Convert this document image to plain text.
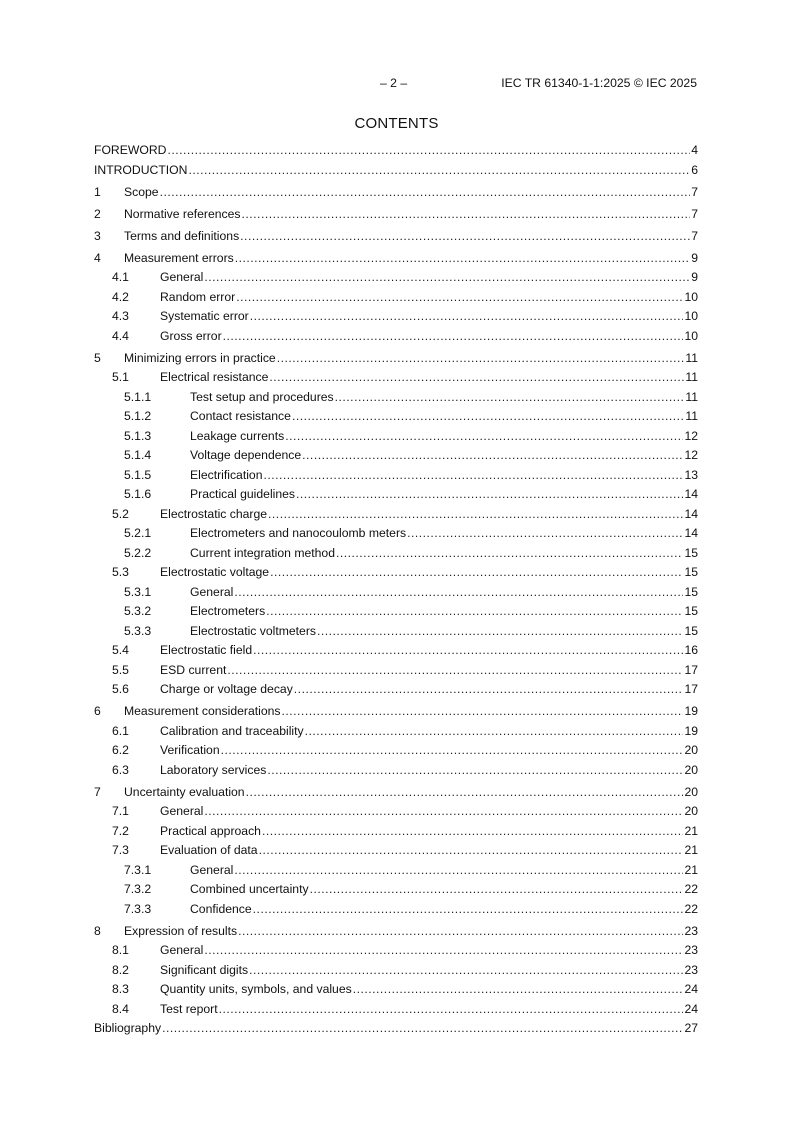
– 2 –	IEC TR 61340-1-1:2025 © IEC 2025
CONTENTS
FOREWORD .....	4
INTRODUCTION .....	6
1	Scope .....	7
2	Normative references .....	7
3	Terms and definitions .....	7
4	Measurement errors .....	9
4.1	General .....	9
4.2	Random error .....	10
4.3	Systematic error .....	10
4.4	Gross error .....	10
5	Minimizing errors in practice .....	11
5.1	Electrical resistance .....	11
5.1.1	Test setup and procedures .....	11
5.1.2	Contact resistance .....	11
5.1.3	Leakage currents .....	12
5.1.4	Voltage dependence .....	12
5.1.5	Electrification .....	13
5.1.6	Practical guidelines .....	14
5.2	Electrostatic charge .....	14
5.2.1	Electrometers and nanocoulomb meters .....	14
5.2.2	Current integration method .....	15
5.3	Electrostatic voltage .....	15
5.3.1	General .....	15
5.3.2	Electrometers .....	15
5.3.3	Electrostatic voltmeters .....	15
5.4	Electrostatic field .....	16
5.5	ESD current .....	17
5.6	Charge or voltage decay .....	17
6	Measurement considerations .....	19
6.1	Calibration and traceability .....	19
6.2	Verification .....	20
6.3	Laboratory services .....	20
7	Uncertainty evaluation .....	20
7.1	General .....	20
7.2	Practical approach .....	21
7.3	Evaluation of data .....	21
7.3.1	General .....	21
7.3.2	Combined uncertainty .....	22
7.3.3	Confidence .....	22
8	Expression of results .....	23
8.1	General .....	23
8.2	Significant digits .....	23
8.3	Quantity units, symbols, and values .....	24
8.4	Test report .....	24
Bibliography .....	27
